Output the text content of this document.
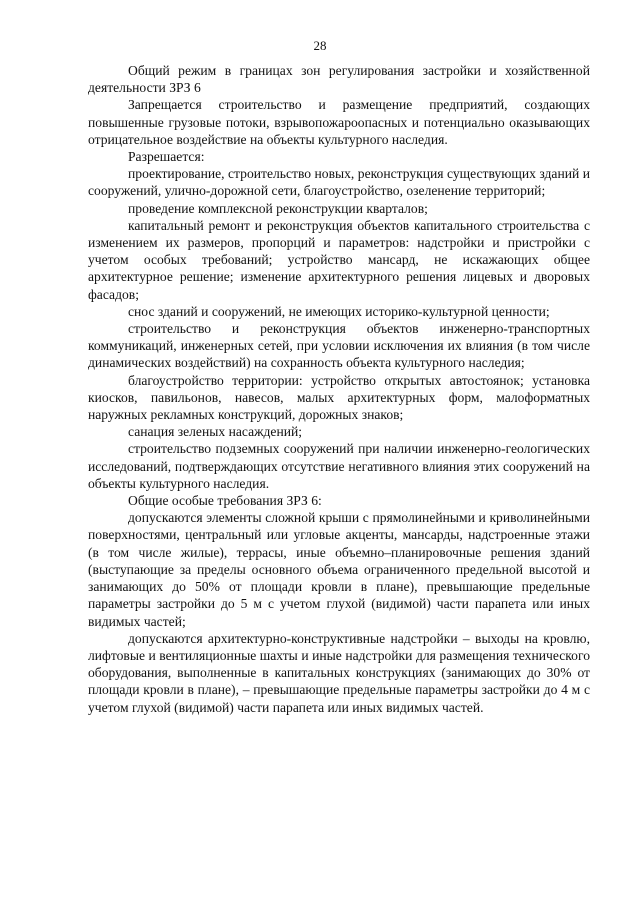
28

Общий режим в границах зон регулирования застройки и хозяйственной деятельности ЗРЗ 6

Запрещается строительство и размещение предприятий, создающих повышенные грузовые потоки, взрывопожароопасных и потенциально оказывающих отрицательное воздействие на объекты культурного наследия.

Разрешается:

проектирование, строительство новых, реконструкция существующих зданий и сооружений, улично-дорожной сети, благоустройство, озеленение территорий;

проведение комплексной реконструкции кварталов;

капитальный ремонт и реконструкция объектов капитального строительства с изменением их размеров, пропорций и параметров: надстройки и пристройки с учетом особых требований; устройство мансард, не искажающих общее архитектурное решение; изменение архитектурного решения лицевых и дворовых фасадов;

снос зданий и сооружений, не имеющих историко-культурной ценности;

строительство и реконструкция объектов инженерно-транспортных коммуникаций, инженерных сетей, при условии исключения их влияния (в том числе динамических воздействий) на сохранность объекта культурного наследия;

благоустройство территории: устройство открытых автостоянок; установка киосков, павильонов, навесов, малых архитектурных форм, малоформатных наружных рекламных конструкций, дорожных знаков;

санация зеленых насаждений;

строительство подземных сооружений при наличии инженерно-геологических исследований, подтверждающих отсутствие негативного влияния этих сооружений на объекты культурного наследия.

Общие особые требования ЗРЗ 6:

допускаются элементы сложной крыши с прямолинейными и криволинейными поверхностями, центральный или угловые акценты, мансарды, надстроенные этажи (в том числе жилые), террасы, иные объемно–планировочные решения зданий (выступающие за пределы основного объема ограниченного предельной высотой и занимающих до 50% от площади кровли в плане), превышающие предельные параметры застройки до 5 м с учетом глухой (видимой) части парапета или иных видимых частей;

допускаются архитектурно-конструктивные надстройки – выходы на кровлю, лифтовые и вентиляционные шахты и иные надстройки для размещения технического оборудования, выполненные в капитальных конструкциях (занимающих до 30% от площади кровли в плане), – превышающие предельные параметры застройки до 4 м с учетом глухой (видимой) части парапета или иных видимых частей.
